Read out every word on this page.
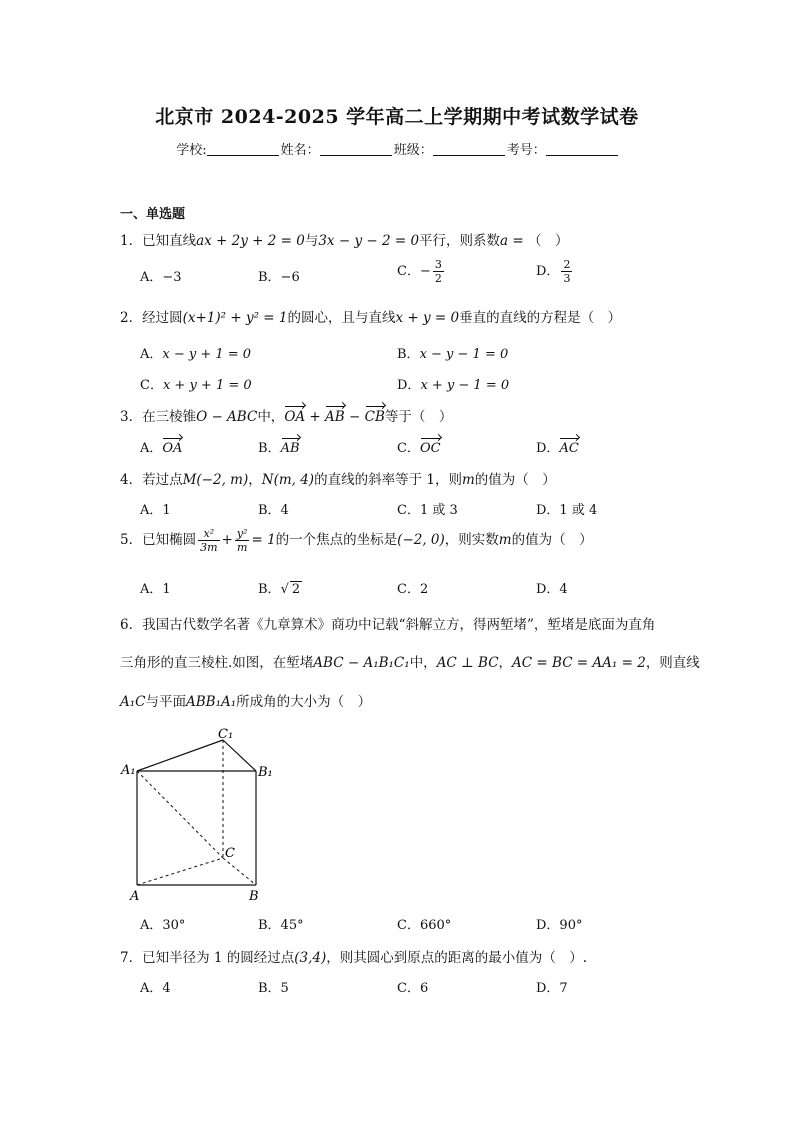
北京市 2024-2025 学年高二上学期期中考试数学试卷
学校:	姓名：	班级：	考号：
一、单选题
1．已知直线ax + 2y + 2 = 0与3x − y − 2 = 0平行，则系数a = （　）
A．−3	B．−6	C．− $\frac{3}{2}$	D． $\frac{2}{3}$
2．经过圆(x+1)² + y² = 1的圆心，且与直线x + y = 0垂直的直线的方程是（　）
A．x − y + 1 = 0	B．x − y − 1 = 0
C．x + y + 1 = 0	D．x + y − 1 = 0
3．在三棱锥O − ABC中，OA + AB − CB等于（　）
A．OA	B．AB	C．OC	D．AC
4．若过点M(−2, m)，N(m, 4)的直线的斜率等于 1，则m的值为（　）
A．1	B．4	C．1 或 3	D．1 或 4
5．已知椭圆 $\frac{\text{x²}}{3m} + \frac{\text{y²}}{m} = 1$的一个焦点的坐标是(−2, 0)，则实数m的值为（　）
A．1	B．√ 2	C．2	D．4
6．我国古代数学名著《九章算术》商功中记载“斜解立方，得两堑堵”，堑堵是底面为直角
三角形的直三棱柱.如图，在堑堵ABC − A₁B₁C₁中，AC ⊥ BC，AC = BC = AA₁ = 2，则直线
A₁C与平面ABB₁A₁所成角的大小为（　）
C₁
A₁	B₁
C
A	B
A．30°	B．45°	C．660°	D．90°
7．已知半径为 1 的圆经过点(3,4)，则其圆心到原点的距离的最小值为（　）.
A．4	B．5	C．6	D．7
